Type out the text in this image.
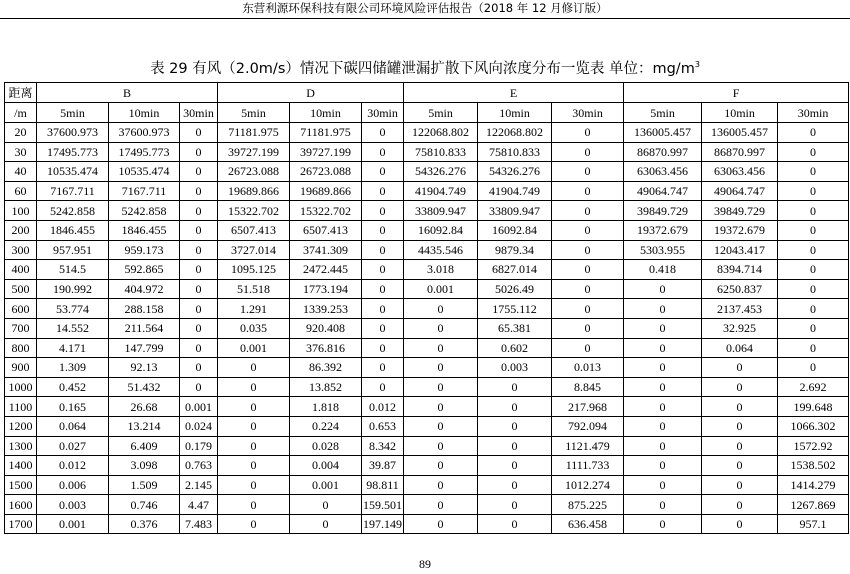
东营利源环保科技有限公司环境风险评估报告（2018 年 12 月修订版）
表 29 有风（2.0m/s）情况下碳四储罐泄漏扩散下风向浓度分布一览表 单位：$mg/m^3$
距离	B			D			E			F		
/m	5min	10min	30min	5min	10min	30min	5min	10min	30min	5min	10min	30min
20	37600.973	37600.973	0	71181.975	71181.975	0	122068.802	122068.802	0	136005.457	136005.457	0
30	17495.773	17495.773	0	39727.199	39727.199	0	75810.833	75810.833	0	86870.997	86870.997	0
40	10535.474	10535.474	0	26723.088	26723.088	0	54326.276	54326.276	0	63063.456	63063.456	0
60	7167.711	7167.711	0	19689.866	19689.866	0	41904.749	41904.749	0	49064.747	49064.747	0
100	5242.858	5242.858	0	15322.702	15322.702	0	33809.947	33809.947	0	39849.729	39849.729	0
200	1846.455	1846.455	0	6507.413	6507.413	0	16092.84	16092.84	0	19372.679	19372.679	0
300	957.951	959.173	0	3727.014	3741.309	0	4435.546	9879.34	0	5303.955	12043.417	0
400	514.5	592.865	0	1095.125	2472.445	0	3.018	6827.014	0	0.418	8394.714	0
500	190.992	404.972	0	51.518	1773.194	0	0.001	5026.49	0	0	6250.837	0
600	53.774	288.158	0	1.291	1339.253	0	0	1755.112	0	0	2137.453	0
700	14.552	211.564	0	0.035	920.408	0	0	65.381	0	0	32.925	0
800	4.171	147.799	0	0.001	376.816	0	0	0.602	0	0	0.064	0
900	1.309	92.13	0	0	86.392	0	0	0.003	0.013	0	0	0
1000	0.452	51.432	0	0	13.852	0	0	0	8.845	0	0	2.692
1100	0.165	26.68	0.001	0	1.818	0.012	0	0	217.968	0	0	199.648
1200	0.064	13.214	0.024	0	0.224	0.653	0	0	792.094	0	0	1066.302
1300	0.027	6.409	0.179	0	0.028	8.342	0	0	1121.479	0	0	1572.92
1400	0.012	3.098	0.763	0	0.004	39.87	0	0	1111.733	0	0	1538.502
1500	0.006	1.509	2.145	0	0.001	98.811	0	0	1012.274	0	0	1414.279
1600	0.003	0.746	4.47	0	0	159.501	0	0	875.225	0	0	1267.869
1700	0.001	0.376	7.483	0	0	197.149	0	0	636.458	0	0	957.1
89
